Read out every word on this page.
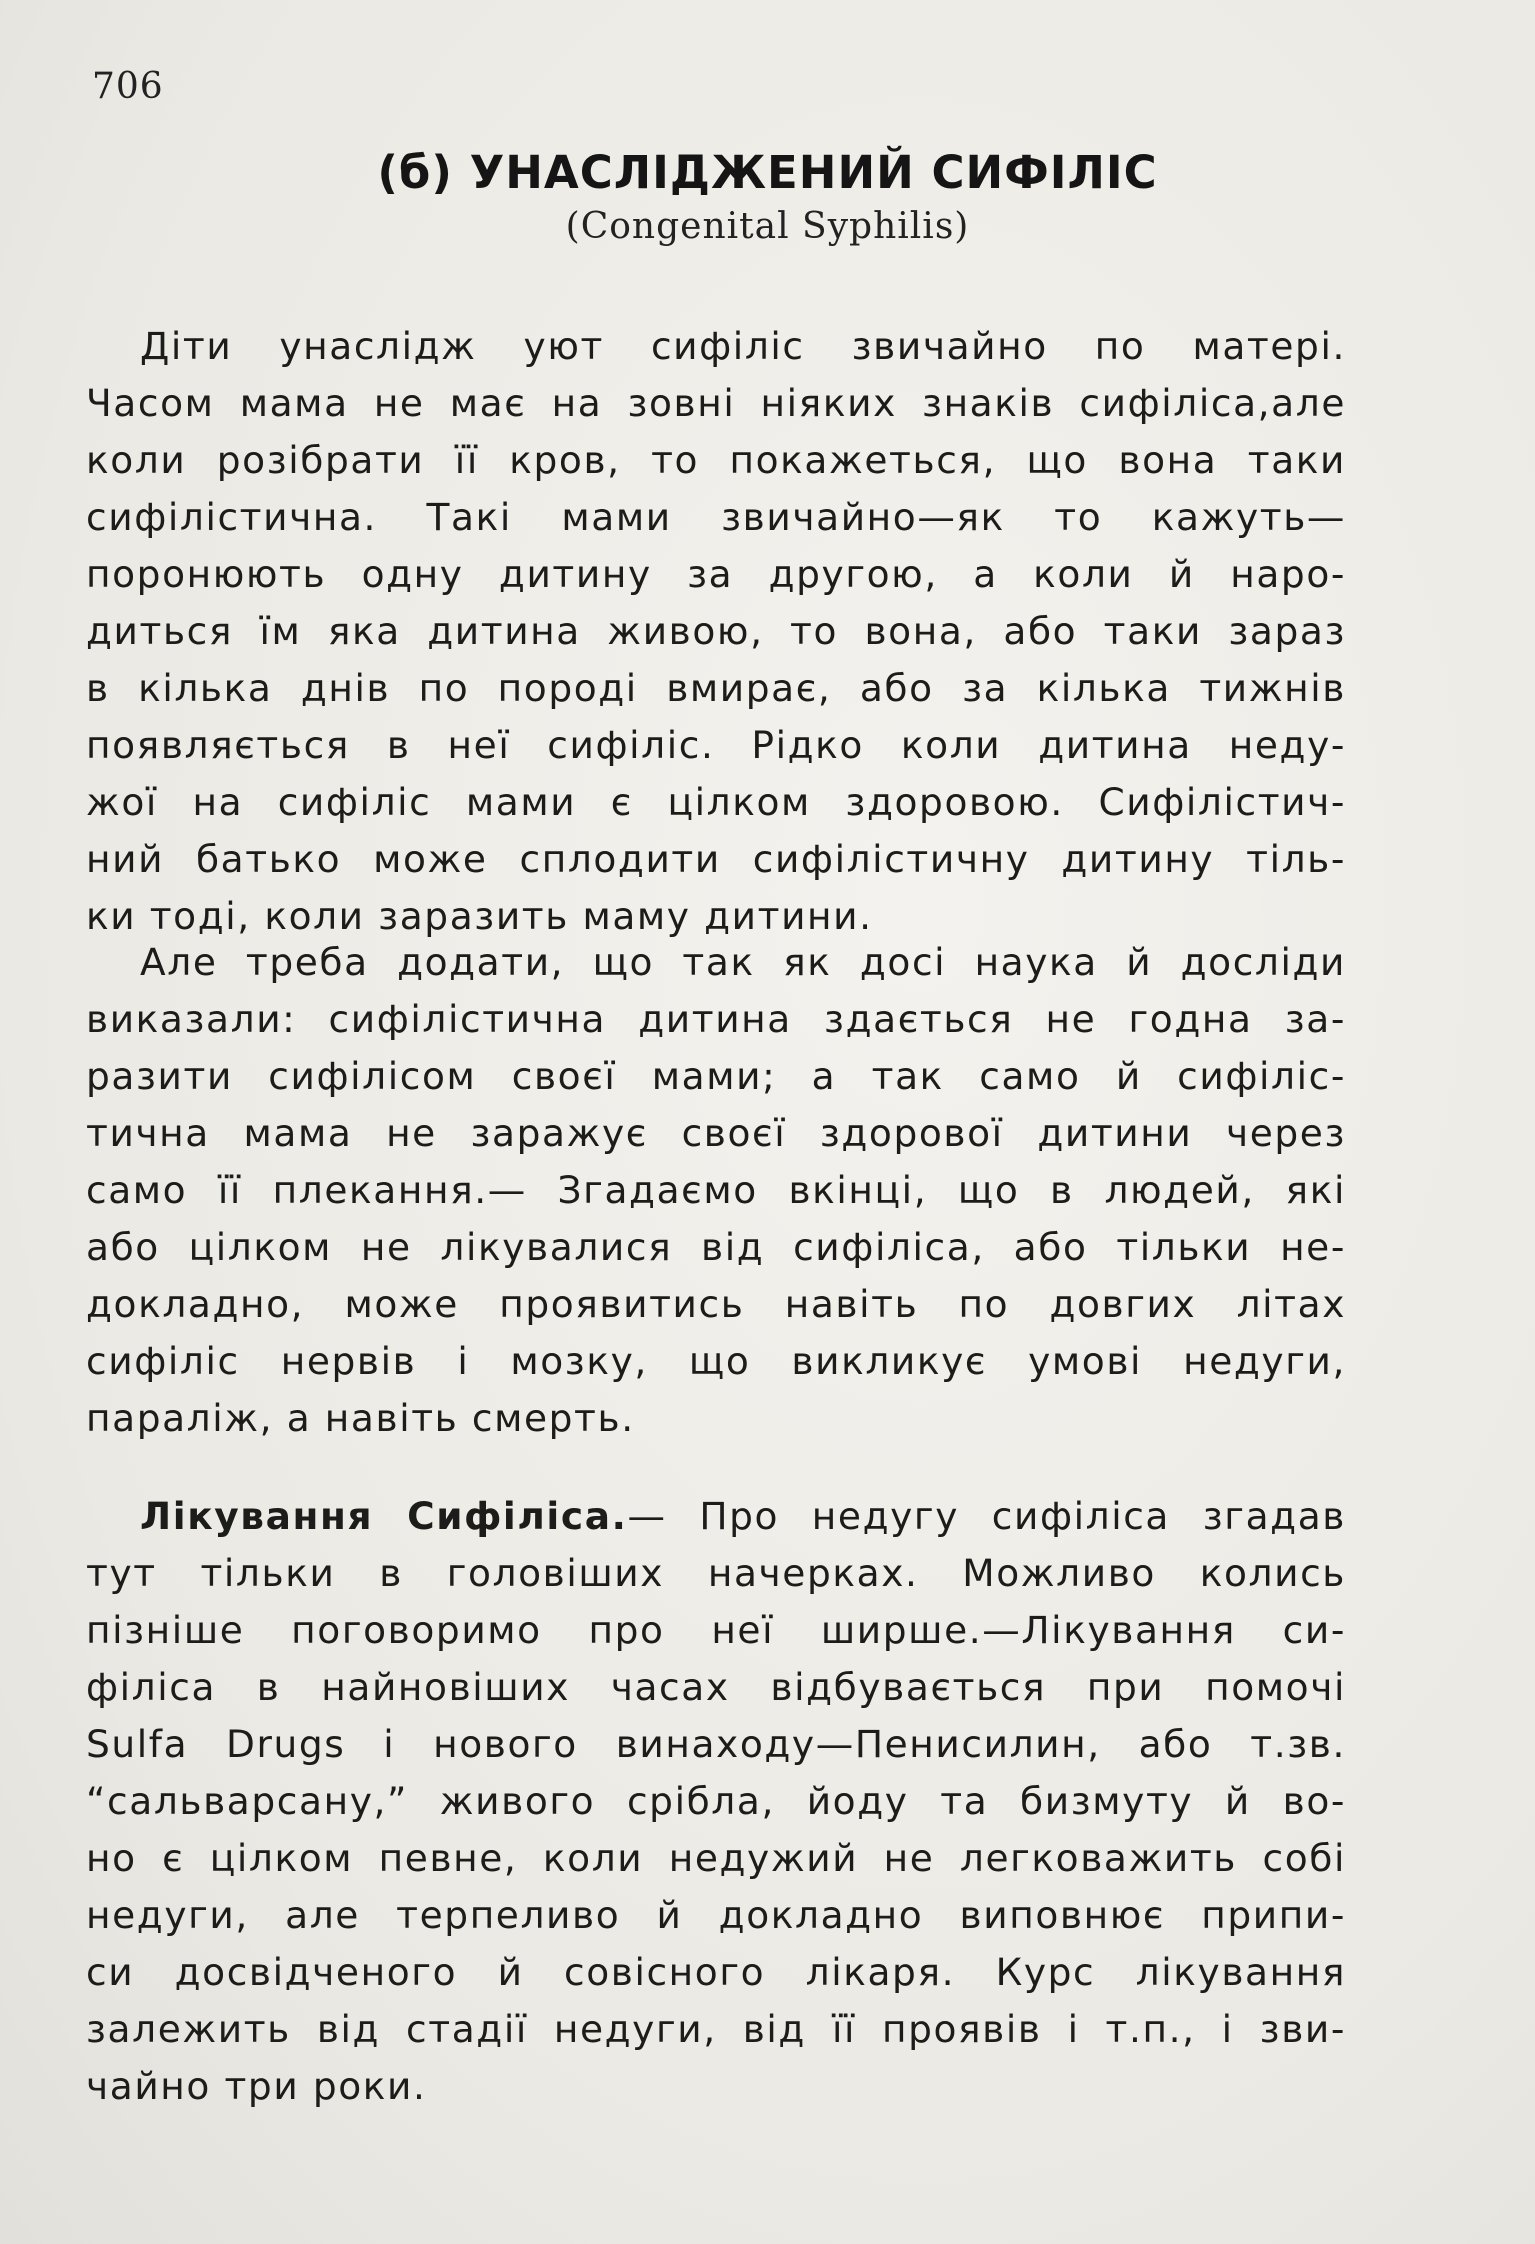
706
(б) УНАСЛІДЖЕНИЙ СИФІЛІС
(Congenital Syphilis)
Діти унаслідж уют сифіліс звичайно по матері.
Часом мама не має на зовні ніяких знаків сифіліса,але
коли розібрати її кров, то покажеться, що вона таки
сифілістична. Такі мами звичайно—як то кажуть—
поронюють одну дитину за другою, а коли й наро-
диться їм яка дитина живою, то вона, або таки зараз
в кілька днів по породі вмирає, або за кілька тижнів
появляється в неї сифіліс. Рідко коли дитина неду-
жої на сифіліс мами є цілком здоровою. Сифілістич-
ний батько може сплодити сифілістичну дитину тіль-
ки тоді, коли заразить маму дитини.
Але треба додати, що так як досі наука й досліди
виказали: сифілістична дитина здається не годна за-
разити сифілісом своєї мами; а так само й сифіліс-
тична мама не заражує своєї здорової дитини через
само її плекання.— Згадаємо вкінці, що в людей, які
або цілком не лікувалися від сифіліса, або тільки не-
докладно, може проявитись навіть по довгих літах
сифіліс нервів і мозку, що викликує умові недуги,
параліж, а навіть смерть.
Лікування Сифіліса.— Про недугу сифіліса згадав
тут тільки в головіших начерках. Можливо колись
пізніше поговоримо про неї ширше.—Лікування си-
філіса в найновіших часах відбувається при помочі
Sulfa Drugs і нового винаходу—Пенисилин, або т.зв.
“сальварсану,” живого срібла, йоду та бизмуту й во-
но є цілком певне, коли недужий не легковажить собі
недуги, але терпеливо й докладно виповнює припи-
си досвідченого й совісного лікаря. Курс лікування
залежить від стадії недуги, від її проявів і т.п., і зви-
чайно три роки.
